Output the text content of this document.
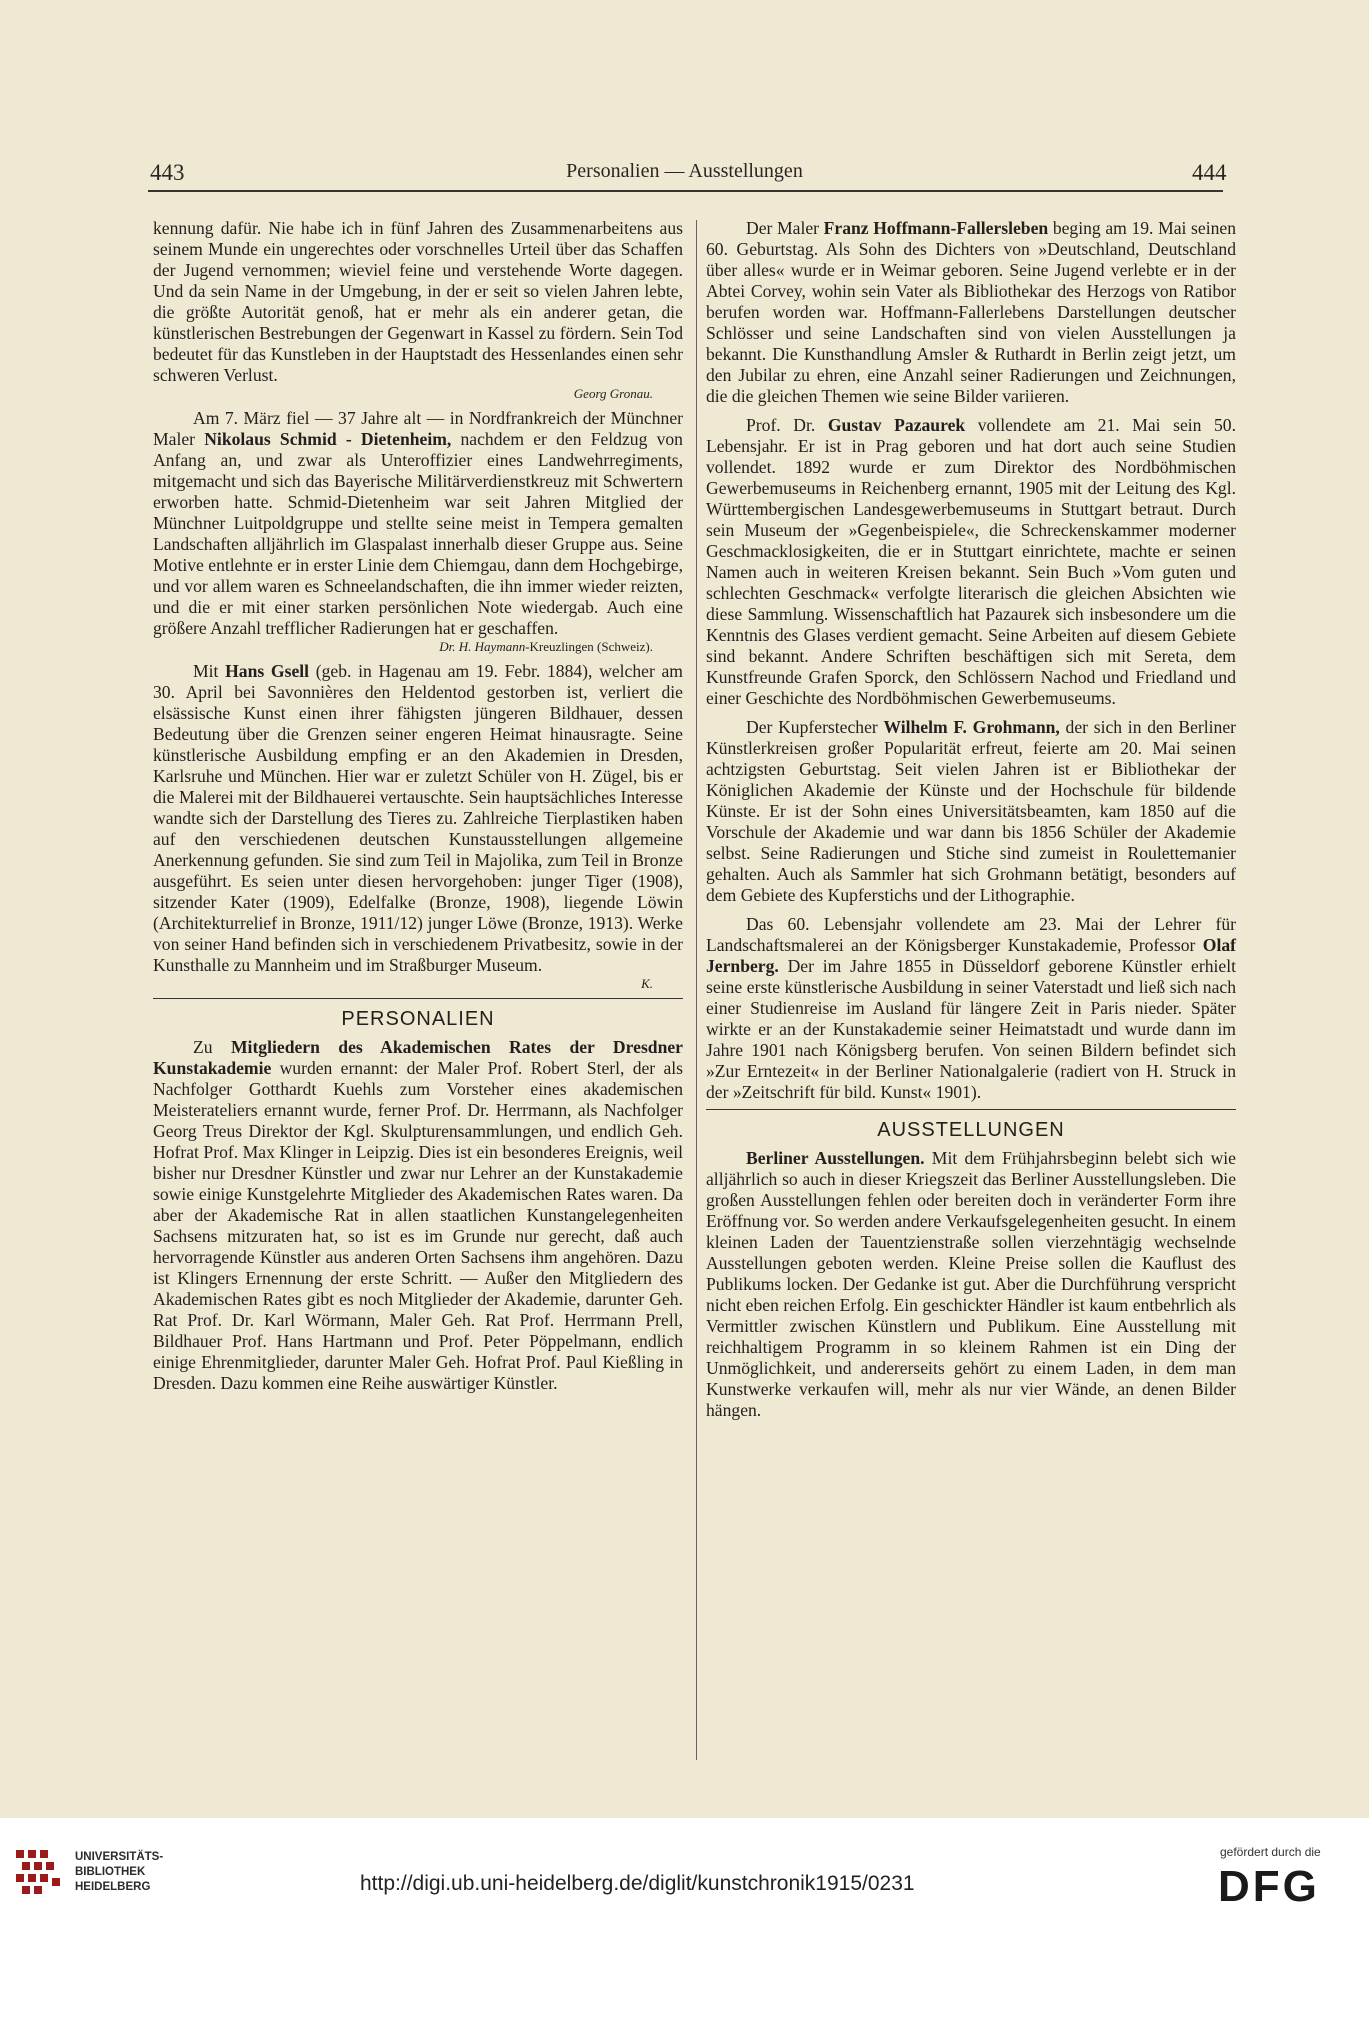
443	Personalien — Ausstellungen	444

kennung dafür. Nie habe ich in fünf Jahren des Zusammenarbeitens aus seinem Munde ein ungerechtes oder vorschnelles Urteil über das Schaffen der Jugend vernommen; wieviel feine und verstehende Worte dagegen. Und da sein Name in der Umgebung, in der er seit so vielen Jahren lebte, die größte Autorität genoß, hat er mehr als ein anderer getan, die künstlerischen Bestrebungen der Gegenwart in Kassel zu fördern. Sein Tod bedeutet für das Kunstleben in der Hauptstadt des Hessenlandes einen sehr schweren Verlust.

Georg Gronau.

Am 7. März fiel — 37 Jahre alt — in Nordfrankreich der Münchner Maler Nikolaus Schmid - Dietenheim, nachdem er den Feldzug von Anfang an, und zwar als Unteroffizier eines Landwehrregiments, mitgemacht und sich das Bayerische Militärverdienstkreuz mit Schwertern erworben hatte. Schmid-Dietenheim war seit Jahren Mitglied der Münchner Luitpoldgruppe und stellte seine meist in Tempera gemalten Landschaften alljährlich im Glaspalast innerhalb dieser Gruppe aus. Seine Motive entlehnte er in erster Linie dem Chiemgau, dann dem Hochgebirge, und vor allem waren es Schneelandschaften, die ihn immer wieder reizten, und die er mit einer starken persönlichen Note wiedergab. Auch eine größere Anzahl trefflicher Radierungen hat er geschaffen.

Dr. H. Haymann-Kreuzlingen (Schweiz).

Mit Hans Gsell (geb. in Hagenau am 19. Febr. 1884), welcher am 30. April bei Savonnières den Heldentod gestorben ist, verliert die elsässische Kunst einen ihrer fähigsten jüngeren Bildhauer, dessen Bedeutung über die Grenzen seiner engeren Heimat hinausragte. Seine künstlerische Ausbildung empfing er an den Akademien in Dresden, Karlsruhe und München. Hier war er zuletzt Schüler von H. Zügel, bis er die Malerei mit der Bildhauerei vertauschte. Sein hauptsächliches Interesse wandte sich der Darstellung des Tieres zu. Zahlreiche Tierplastiken haben auf den verschiedenen deutschen Kunstausstellungen allgemeine Anerkennung gefunden. Sie sind zum Teil in Majolika, zum Teil in Bronze ausgeführt. Es seien unter diesen hervorgehoben: junger Tiger (1908), sitzender Kater (1909), Edelfalke (Bronze, 1908), liegende Löwin (Architekturrelief in Bronze, 1911/12) junger Löwe (Bronze, 1913). Werke von seiner Hand befinden sich in verschiedenem Privatbesitz, sowie in der Kunsthalle zu Mannheim und im Straßburger Museum.

K.
PERSONALIEN

Zu Mitgliedern des Akademischen Rates der Dresdner Kunstakademie wurden ernannt: der Maler Prof. Robert Sterl, der als Nachfolger Gotthardt Kuehls zum Vorsteher eines akademischen Meisterateliers ernannt wurde, ferner Prof. Dr. Herrmann, als Nachfolger Georg Treus Direktor der Kgl. Skulpturensammlungen, und endlich Geh. Hofrat Prof. Max Klinger in Leipzig. Dies ist ein besonderes Ereignis, weil bisher nur Dresdner Künstler und zwar nur Lehrer an der Kunstakademie sowie einige Kunstgelehrte Mitglieder des Akademischen Rates waren. Da aber der Akademische Rat in allen staatlichen Kunstangelegenheiten Sachsens mitzuraten hat, so ist es im Grunde nur gerecht, daß auch hervorragende Künstler aus anderen Orten Sachsens ihm angehören. Dazu ist Klingers Ernennung der erste Schritt. — Außer den Mitgliedern des Akademischen Rates gibt es noch Mitglieder der Akademie, darunter Geh. Rat Prof. Dr. Karl Wörmann, Maler Geh. Rat Prof. Herrmann Prell, Bildhauer Prof. Hans Hartmann und Prof. Peter Pöppelmann, endlich einige Ehrenmitglieder, darunter Maler Geh. Hofrat Prof. Paul Kießling in Dresden. Dazu kommen eine Reihe auswärtiger Künstler.

Der Maler Franz Hoffmann-Fallersleben beging am 19. Mai seinen 60. Geburtstag. Als Sohn des Dichters von »Deutschland, Deutschland über alles« wurde er in Weimar geboren. Seine Jugend verlebte er in der Abtei Corvey, wohin sein Vater als Bibliothekar des Herzogs von Ratibor berufen worden war. Hoffmann-Fallerlebens Darstellungen deutscher Schlösser und seine Landschaften sind von vielen Ausstellungen ja bekannt. Die Kunsthandlung Amsler & Ruthardt in Berlin zeigt jetzt, um den Jubilar zu ehren, eine Anzahl seiner Radierungen und Zeichnungen, die die gleichen Themen wie seine Bilder variieren.

Prof. Dr. Gustav Pazaurek vollendete am 21. Mai sein 50. Lebensjahr. Er ist in Prag geboren und hat dort auch seine Studien vollendet. 1892 wurde er zum Direktor des Nordböhmischen Gewerbemuseums in Reichenberg ernannt, 1905 mit der Leitung des Kgl. Württembergischen Landesgewerbemuseums in Stuttgart betraut. Durch sein Museum der »Gegenbeispiele«, die Schreckenskammer moderner Geschmacklosigkeiten, die er in Stuttgart einrichtete, machte er seinen Namen auch in weiteren Kreisen bekannt. Sein Buch »Vom guten und schlechten Geschmack« verfolgte literarisch die gleichen Absichten wie diese Sammlung. Wissenschaftlich hat Pazaurek sich insbesondere um die Kenntnis des Glases verdient gemacht. Seine Arbeiten auf diesem Gebiete sind bekannt. Andere Schriften beschäftigen sich mit Sereta, dem Kunstfreunde Grafen Sporck, den Schlössern Nachod und Friedland und einer Geschichte des Nordböhmischen Gewerbemuseums.

Der Kupferstecher Wilhelm F. Grohmann, der sich in den Berliner Künstlerkreisen großer Popularität erfreut, feierte am 20. Mai seinen achtzigsten Geburtstag. Seit vielen Jahren ist er Bibliothekar der Königlichen Akademie der Künste und der Hochschule für bildende Künste. Er ist der Sohn eines Universitätsbeamten, kam 1850 auf die Vorschule der Akademie und war dann bis 1856 Schüler der Akademie selbst. Seine Radierungen und Stiche sind zumeist in Roulettemanier gehalten. Auch als Sammler hat sich Grohmann betätigt, besonders auf dem Gebiete des Kupferstichs und der Lithographie.

Das 60. Lebensjahr vollendete am 23. Mai der Lehrer für Landschaftsmalerei an der Königsberger Kunstakademie, Professor Olaf Jernberg. Der im Jahre 1855 in Düsseldorf geborene Künstler erhielt seine erste künstlerische Ausbildung in seiner Vaterstadt und ließ sich nach einer Studienreise im Ausland für längere Zeit in Paris nieder. Später wirkte er an der Kunstakademie seiner Heimatstadt und wurde dann im Jahre 1901 nach Königsberg berufen. Von seinen Bildern befindet sich »Zur Erntezeit« in der Berliner Nationalgalerie (radiert von H. Struck in der »Zeitschrift für bild. Kunst« 1901).

AUSSTELLUNGEN

Berliner Ausstellungen. Mit dem Frühjahrsbeginn belebt sich wie alljährlich so auch in dieser Kriegszeit das Berliner Ausstellungsleben. Die großen Ausstellungen fehlen oder bereiten doch in veränderter Form ihre Eröffnung vor. So werden andere Verkaufsgelegenheiten gesucht. In einem kleinen Laden der Tauentzienstraße sollen vierzehntägig wechselnde Ausstellungen geboten werden. Kleine Preise sollen die Kauflust des Publikums locken. Der Gedanke ist gut. Aber die Durchführung verspricht nicht eben reichen Erfolg. Ein geschickter Händler ist kaum entbehrlich als Vermittler zwischen Künstlern und Publikum. Eine Ausstellung mit reichhaltigem Programm in so kleinem Rahmen ist ein Ding der Unmöglichkeit, und andererseits gehört zu einem Laden, in dem man Kunstwerke verkaufen will, mehr als nur vier Wände, an denen Bilder hängen.

UNIVERSITÄTS-
BIBLIOTHEK
HEIDELBERG	http://digi.ub.uni-heidelberg.de/diglit/kunstchronik1915/0231
gefördert durch die
DFG
